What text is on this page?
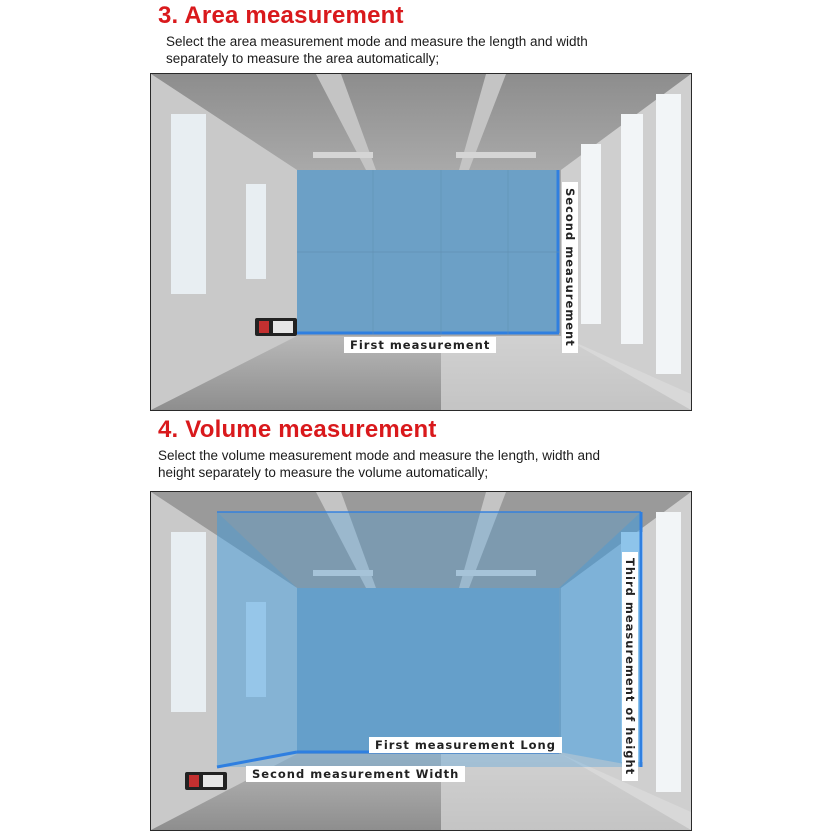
3. Area measurement
Select the area measurement mode and measure the length and width
separately to measure the area automatically;
First measurement	Second measurement
4. Volume measurement
Select the volume measurement mode and measure the length, width and
height separately to measure the volume automatically;
First measurement Long
Second measurement Width	Third measurement of height
